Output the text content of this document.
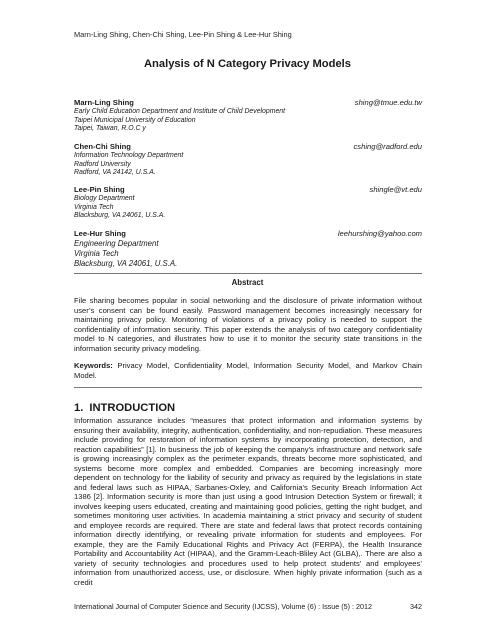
Marn-Ling Shing, Chen-Chi Shing, Lee-Pin Shing & Lee-Hur Shing
Analysis of N Category Privacy Models
Marn-Ling Shing	shing@tmue.edu.tw
Early Child Education Department and Institute of Child Development
Taipei Municipal University of Education
Taipei, Taiwan, R.O.C y
Chen-Chi Shing	cshing@radford.edu
Information Technology Department
Radford University
Radford, VA 24142, U.S.A.
Lee-Pin Shing	shingle@vt.edu
Biology Department
Virginia Tech
Blacksburg, VA 24061, U.S.A.
Lee-Hur Shing	leehurshing@yahoo.com
Engineering Department
Virginia Tech
Blacksburg, VA 24061, U.S.A.
Abstract

File sharing becomes popular in social networking and the disclosure of private information without user’s consent can be found easily. Password management becomes increasingly necessary for maintaining privacy policy. Monitoring of violations of a privacy policy is needed to support the confidentiality of information security. This paper extends the analysis of two category confidentiality model to N categories, and illustrates how to use it to monitor the security state transitions in the information security privacy modeling.

Keywords: Privacy Model, Confidentiality Model, Information Security Model, and Markov Chain Model.

1. INTRODUCTION

Information assurance includes “measures that protect information and information systems by ensuring their availability, integrity, authentication, confidentiality, and non-repudiation. These measures include providing for restoration of information systems by incorporating protection, detection, and reaction capabilities” [1]. In business the job of keeping the company's infrastructure and network safe is growing increasingly complex as the perimeter expands, threats become more sophisticated, and systems become more complex and embedded. Companies are becoming increasingly more dependent on technology for the liability of security and privacy as required by the legislations in state and federal laws such as HIPAA, Sarbanes-Oxley, and California's Security Breach Information Act 1386 [2]. Information security is more than just using a good Intrusion Detection System or firewall; it involves keeping users educated, creating and maintaining good policies, getting the right budget, and sometimes monitoring user activities. In academia maintaining a strict privacy and security of student and employee records are required. There are state and federal laws that protect records containing information directly identifying, or revealing private information for students and employees. For example, they are the Family Educational Rights and Privacy Act (FERPA), the Health Insurance Portability and Accountability Act (HIPAA), and the Gramm-Leach-Bliley Act (GLBA),. There are also a variety of security technologies and procedures used to help protect students’ and employees’ information from unauthorized access, use, or disclosure. When highly private information (such as a credit

International Journal of Computer Science and Security (IJCSS), Volume (6) : Issue (5) : 2012	342
